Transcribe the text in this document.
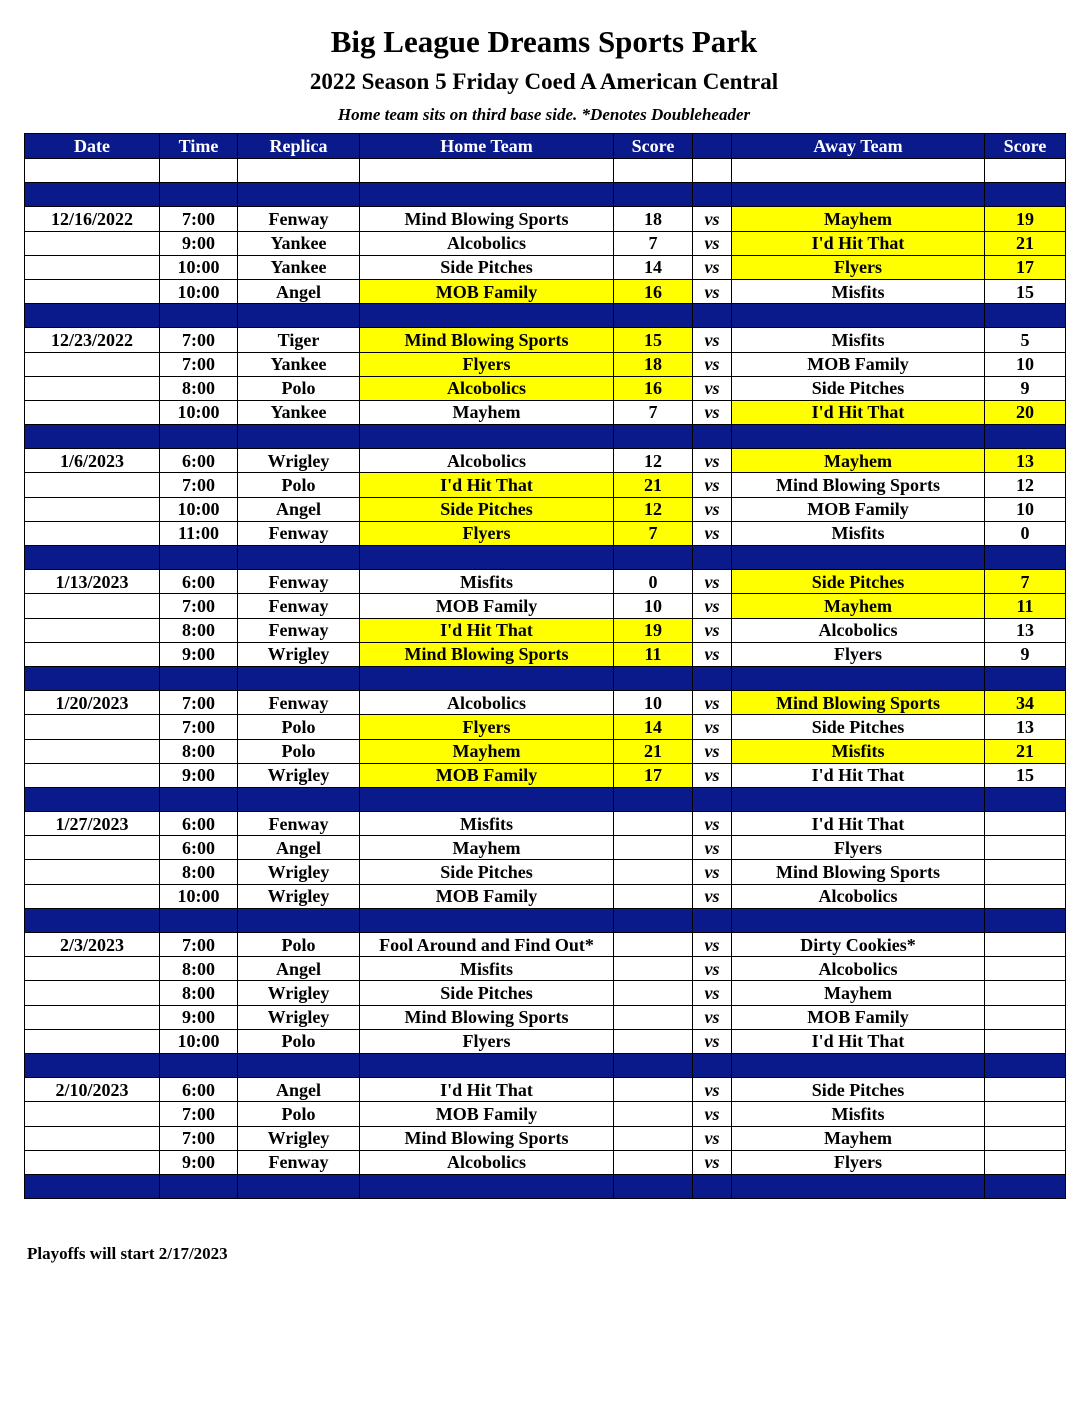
Big League Dreams Sports Park
2022 Season 5 Friday Coed A American Central
Home team sits on third base side. *Denotes Doubleheader
Date	Time	Replica	Home Team	Score		Away Team	Score

12/16/2022	7:00	Fenway	Mind Blowing Sports	18	vs	Mayhem	19
	9:00	Yankee	Alcobolics	7	vs	I'd Hit That	21
	10:00	Yankee	Side Pitches	14	vs	Flyers	17
	10:00	Angel	MOB Family	16	vs	Misfits	15

12/23/2022	7:00	Tiger	Mind Blowing Sports	15	vs	Misfits	5
	7:00	Yankee	Flyers	18	vs	MOB Family	10
	8:00	Polo	Alcobolics	16	vs	Side Pitches	9
	10:00	Yankee	Mayhem	7	vs	I'd Hit That	20

1/6/2023	6:00	Wrigley	Alcobolics	12	vs	Mayhem	13
	7:00	Polo	I'd Hit That	21	vs	Mind Blowing Sports	12
	10:00	Angel	Side Pitches	12	vs	MOB Family	10
	11:00	Fenway	Flyers	7	vs	Misfits	0

1/13/2023	6:00	Fenway	Misfits	0	vs	Side Pitches	7
	7:00	Fenway	MOB Family	10	vs	Mayhem	11
	8:00	Fenway	I'd Hit That	19	vs	Alcobolics	13
	9:00	Wrigley	Mind Blowing Sports	11	vs	Flyers	9

1/20/2023	7:00	Fenway	Alcobolics	10	vs	Mind Blowing Sports	34
	7:00	Polo	Flyers	14	vs	Side Pitches	13
	8:00	Polo	Mayhem	21	vs	Misfits	21
	9:00	Wrigley	MOB Family	17	vs	I'd Hit That	15

1/27/2023	6:00	Fenway	Misfits		vs	I'd Hit That	
	6:00	Angel	Mayhem		vs	Flyers	
	8:00	Wrigley	Side Pitches		vs	Mind Blowing Sports	
	10:00	Wrigley	MOB Family		vs	Alcobolics	

2/3/2023	7:00	Polo	Fool Around and Find Out*		vs	Dirty Cookies*	
	8:00	Angel	Misfits		vs	Alcobolics	
	8:00	Wrigley	Side Pitches		vs	Mayhem	
	9:00	Wrigley	Mind Blowing Sports		vs	MOB Family	
	10:00	Polo	Flyers		vs	I'd Hit That	

2/10/2023	6:00	Angel	I'd Hit That		vs	Side Pitches	
	7:00	Polo	MOB Family		vs	Misfits	
	7:00	Wrigley	Mind Blowing Sports		vs	Mayhem	
	9:00	Fenway	Alcobolics		vs	Flyers	

Playoffs will start 2/17/2023
